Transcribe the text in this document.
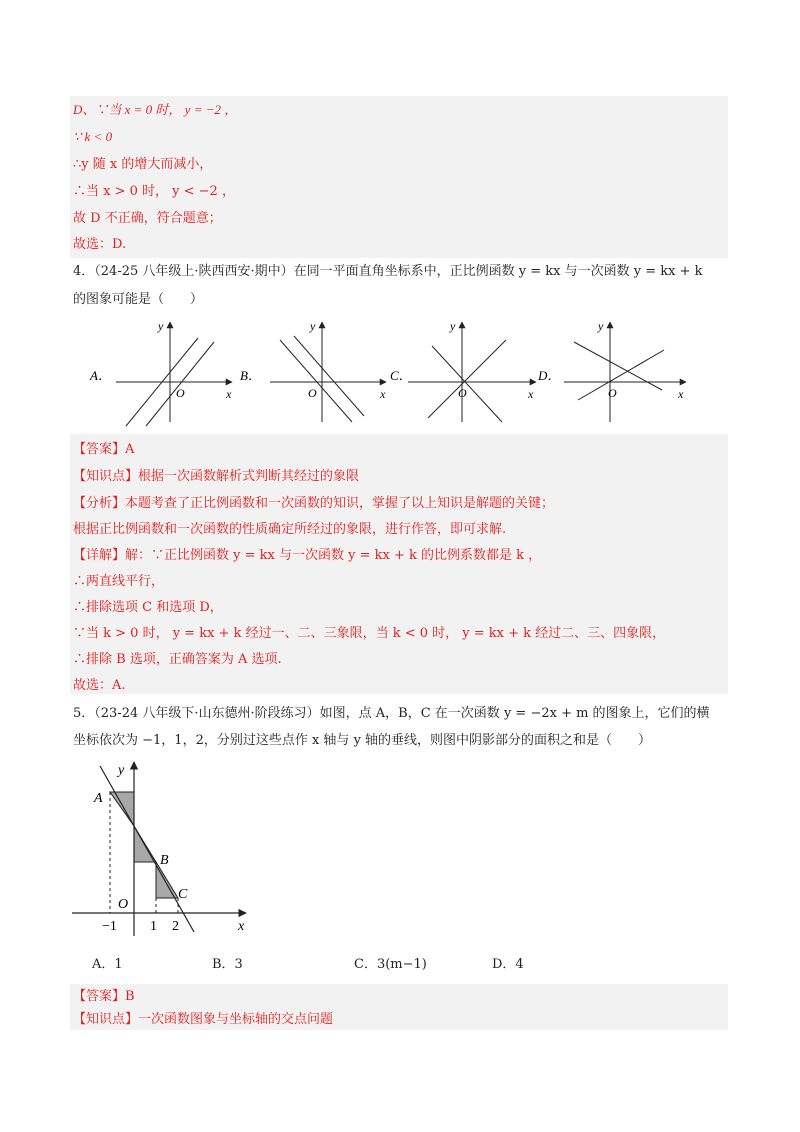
D、∵当 x = 0 时， y = −2 ，
∵ k < 0
∴y 随 x 的增大而减小，
∴当 x > 0 时， y < −2 ，
故 D 不正确，符合题意；
故选：D.
4．（24-25 八年级上·陕西西安·期中）在同一平面直角坐标系中，正比例函数 y = kx 与一次函数 y = kx + k
的图象可能是（　　）
A．
y
x
O
B．
y
x
O
C．
y
x
O
D．
y
x
O
【答案】A
【知识点】根据一次函数解析式判断其经过的象限
【分析】本题考查了正比例函数和一次函数的知识，掌握了以上知识是解题的关键；
根据正比例函数和一次函数的性质确定所经过的象限，进行作答，即可求解.
【详解】解：∵正比例函数 y = kx 与一次函数 y = kx + k 的比例系数都是 k ，
∴两直线平行，
∴排除选项 C 和选项 D，
∵当 k > 0 时， y = kx + k 经过一、二、三象限，当 k < 0 时， y = kx + k 经过二、三、四象限，
∴排除 B 选项，正确答案为 A 选项.
故选：A.
5．（23-24 八年级下·山东德州·阶段练习）如图，点 A，B，C 在一次函数 y = −2x + m 的图象上，它们的横
坐标依次为 −1，1，2，分别过这些点作 x 轴与 y 轴的垂线，则图中阴影部分的面积之和是（　　）
y
x
A
B
C
O
−1 1 2
A．1	B．3	C．3(m−1)	D．4
【答案】B
【知识点】一次函数图象与坐标轴的交点问题
